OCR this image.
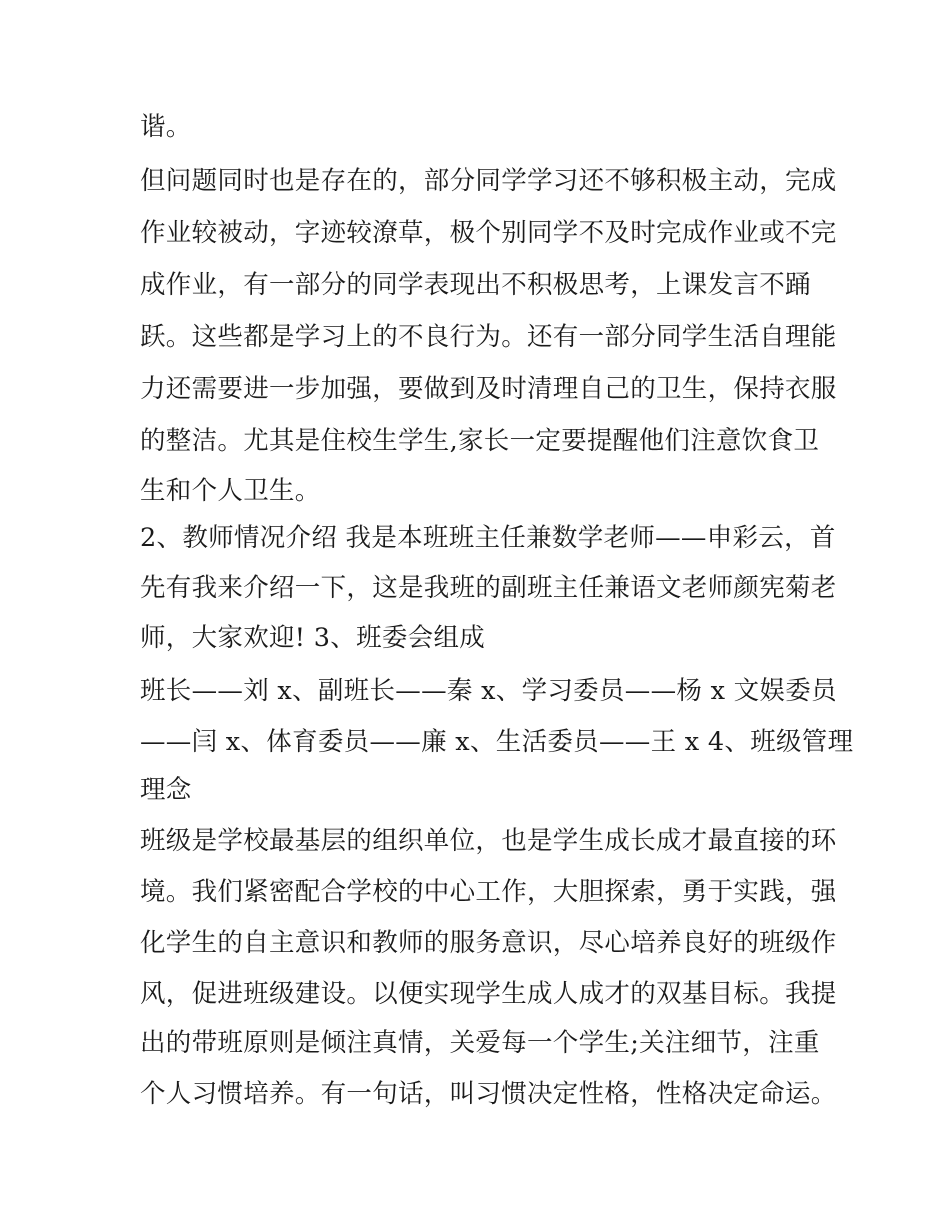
谐。
但问题同时也是存在的，部分同学学习还不够积极主动，完成
作业较被动，字迹较潦草，极个别同学不及时完成作业或不完
成作业，有一部分的同学表现出不积极思考，上课发言不踊
跃。这些都是学习上的不良行为。还有一部分同学生活自理能
力还需要进一步加强，要做到及时清理自己的卫生，保持衣服
的整洁。尤其是住校生学生,家长一定要提醒他们注意饮食卫
生和个人卫生。
2、教师情况介绍 我是本班班主任兼数学老师——申彩云，首
先有我来介绍一下，这是我班的副班主任兼语文老师颜宪菊老
师，大家欢迎! 3、班委会组成
班长——刘 x、副班长——秦 x、学习委员——杨 x 文娱委员
——闫 x、体育委员——廉 x、生活委员——王 x 4、班级管理
理念
班级是学校最基层的组织单位，也是学生成长成才最直接的环
境。我们紧密配合学校的中心工作，大胆探索，勇于实践，强
化学生的自主意识和教师的服务意识，尽心培养良好的班级作
风，促进班级建设。以便实现学生成人成才的双基目标。我提
出的带班原则是倾注真情，关爱每一个学生;关注细节，注重
个人习惯培养。有一句话，叫习惯决定性格，性格决定命运。
